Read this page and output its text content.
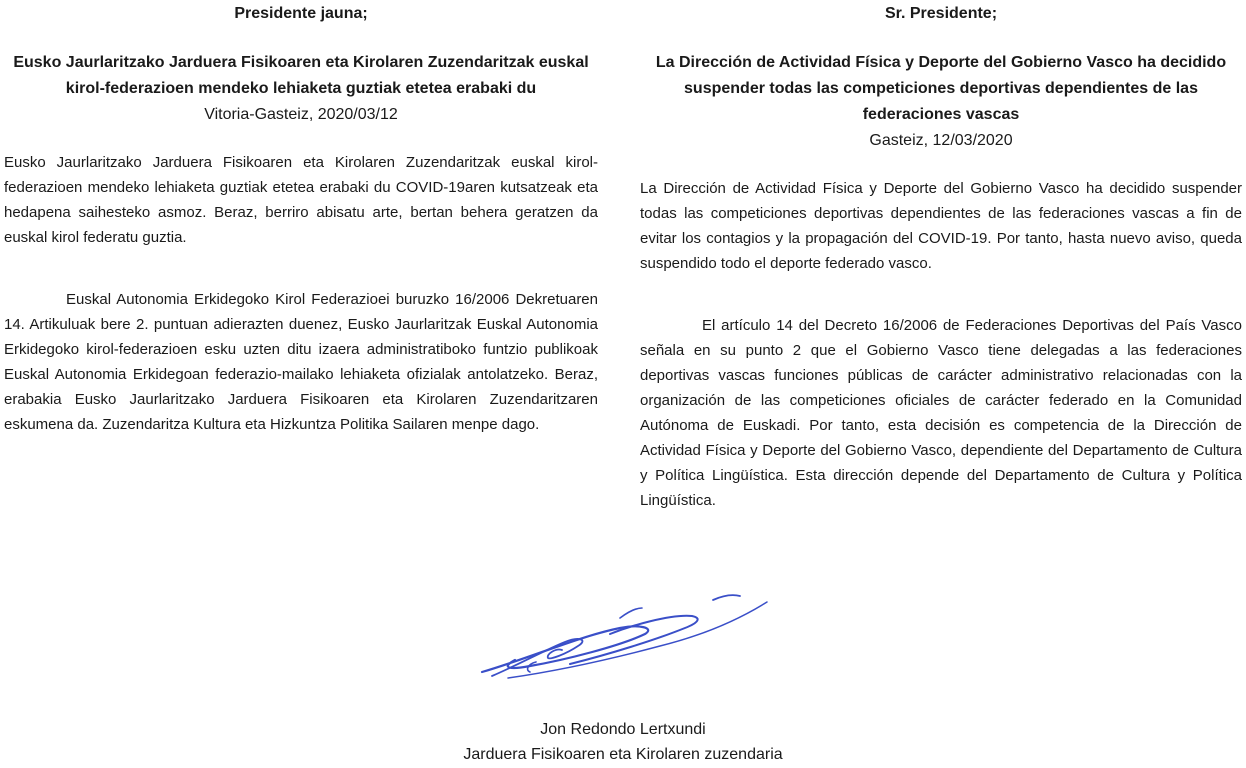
Presidente jauna;

Eusko Jaurlaritzako Jarduera Fisikoaren eta Kirolaren Zuzendaritzak euskal kirol-federazioen mendeko lehiaketa guztiak etetea erabaki du

Vitoria-Gasteiz, 2020/03/12

Eusko Jaurlaritzako Jarduera Fisikoaren eta Kirolaren Zuzendaritzak euskal kirol-federazioen mendeko lehiaketa guztiak etetea erabaki du COVID-19aren kutsatzeak eta hedapena saihesteko asmoz. Beraz, berriro abisatu arte, bertan behera geratzen da euskal kirol federatu guztia.

Euskal Autonomia Erkidegoko Kirol Federazioei buruzko 16/2006 Dekretuaren 14. Artikuluak bere 2. puntuan adierazten duenez, Eusko Jaurlaritzak Euskal Autonomia Erkidegoko kirol-federazioen esku uzten ditu izaera administratiboko funtzio publikoak Euskal Autonomia Erkidegoan federazio-mailako lehiaketa ofizialak antolatzeko. Beraz, erabakia Eusko Jaurlaritzako Jarduera Fisikoaren eta Kirolaren Zuzendaritzaren eskumena da. Zuzendaritza Kultura eta Hizkuntza Politika Sailaren menpe dago.

Sr. Presidente;

La Dirección de Actividad Física y Deporte del Gobierno Vasco ha decidido suspender todas las competiciones deportivas dependientes de las federaciones vascas

Gasteiz, 12/03/2020

La Dirección de Actividad Física y Deporte del Gobierno Vasco ha decidido suspender todas las competiciones deportivas dependientes de las federaciones vascas a fin de evitar los contagios y la propagación del COVID-19. Por tanto, hasta nuevo aviso, queda suspendido todo el deporte federado vasco.

El artículo 14 del Decreto 16/2006 de Federaciones Deportivas del País Vasco señala en su punto 2 que el Gobierno Vasco tiene delegadas a las federaciones deportivas vascas funciones públicas de carácter administrativo relacionadas con la organización de las competiciones oficiales de carácter federado en la Comunidad Autónoma de Euskadi. Por tanto, esta decisión es competencia de la Dirección de Actividad Física y Deporte del Gobierno Vasco, dependiente del Departamento de Cultura y Política Lingüística. Esta dirección depende del Departamento de Cultura y Política Lingüística.

Jon Redondo Lertxundi
Jarduera Fisikoaren eta Kirolaren zuzendaria
